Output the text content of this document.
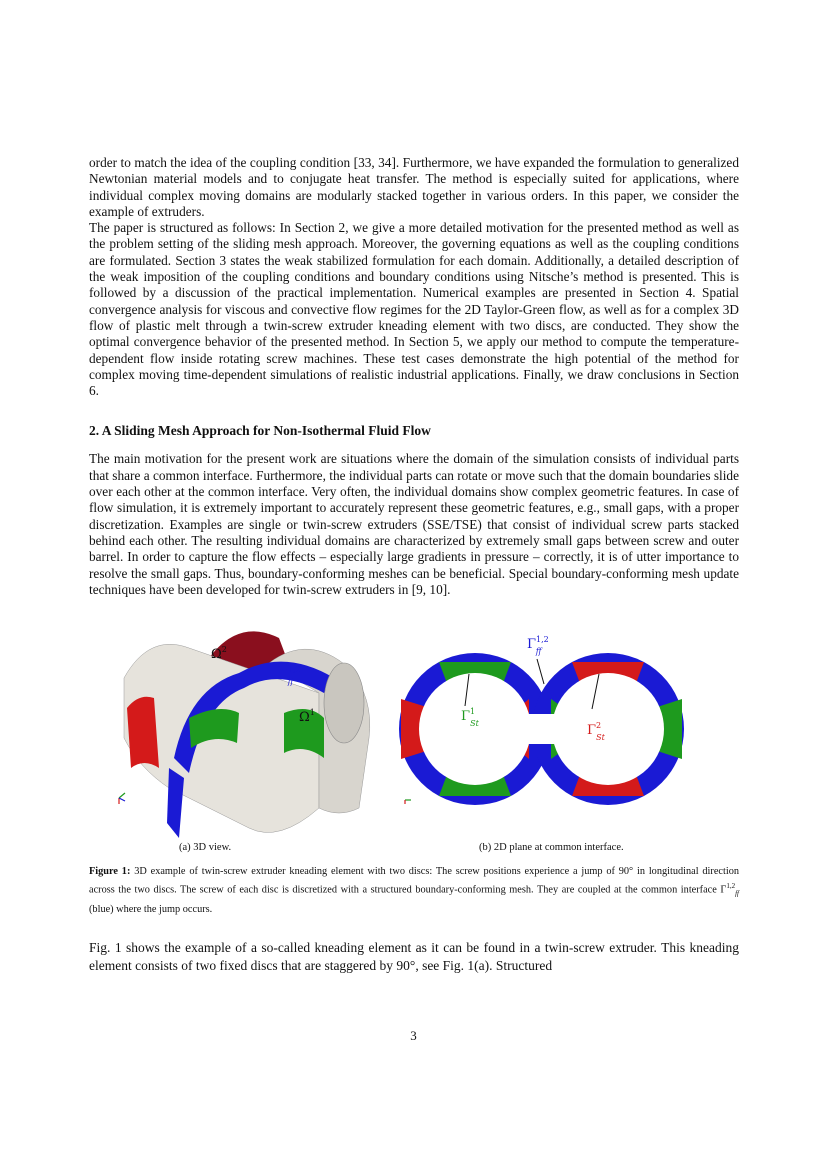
order to match the idea of the coupling condition [33, 34]. Furthermore, we have expanded the formulation to generalized Newtonian material models and to conjugate heat transfer. The method is especially suited for applications, where individual complex moving domains are modularly stacked together in various orders. In this paper, we consider the example of extruders.

The paper is structured as follows: In Section 2, we give a more detailed motivation for the presented method as well as the problem setting of the sliding mesh approach. Moreover, the governing equations as well as the coupling conditions are formulated. Section 3 states the weak stabilized formulation for each domain. Additionally, a detailed description of the weak imposition of the coupling conditions and boundary conditions using Nitsche’s method is presented. This is followed by a discussion of the practical implementation. Numerical examples are presented in Section 4. Spatial convergence analysis for viscous and convective flow regimes for the 2D Taylor-Green flow, as well as for a complex 3D flow of plastic melt through a twin-screw extruder kneading element with two discs, are conducted. They show the optimal convergence behavior of the presented method. In Section 5, we apply our method to compute the temperature-dependent flow inside rotating screw machines. These test cases demonstrate the high potential of the method for complex moving time-dependent simulations of realistic industrial applications. Finally, we draw conclusions in Section 6.

2. A Sliding Mesh Approach for Non-Isothermal Fluid Flow

The main motivation for the present work are situations where the domain of the simulation consists of individual parts that share a common interface. Furthermore, the individual parts can rotate or move such that the domain boundaries slide over each other at the common interface. Very often, the individual domains show complex geometric features. In case of flow simulation, it is extremely important to accurately represent these geometric features, e.g., small gaps, with a proper discretization. Examples are single or twin-screw extruders (SSE/TSE) that consist of individual screw parts stacked behind each other. The resulting individual domains are characterized by extremely small gaps between screw and outer barrel. In order to capture the flow effects – especially large gradients in pressure – correctly, it is of utter importance to resolve the small gaps. Thus, boundary-conforming meshes can be beneficial. Special boundary-conforming mesh update techniques have been developed for twin-screw extruders in [9, 10].

$\Omega^2$
Γ$^{1,2}$ ff
$\Omega^1$
Γ$^{1,2}$ ff
$\Gamma^1$ St	$\Gamma^2$ St
(a) 3D view.	(b) 2D plane at common interface.
Figure 1: 3D example of twin-screw extruder kneading element with two discs: The screw positions experience a jump of 90° in longitudinal direction across the two discs. The screw of each disc is discretized with a structured boundary-conforming mesh. They are coupled at the common interface Γ$^{1,2}_{ff}$ (blue) where the jump occurs.

Fig. 1 shows the example of a so-called kneading element as it can be found in a twin-screw extruder. This kneading element consists of two fixed discs that are staggered by 90°, see Fig. 1(a). Structured

3
